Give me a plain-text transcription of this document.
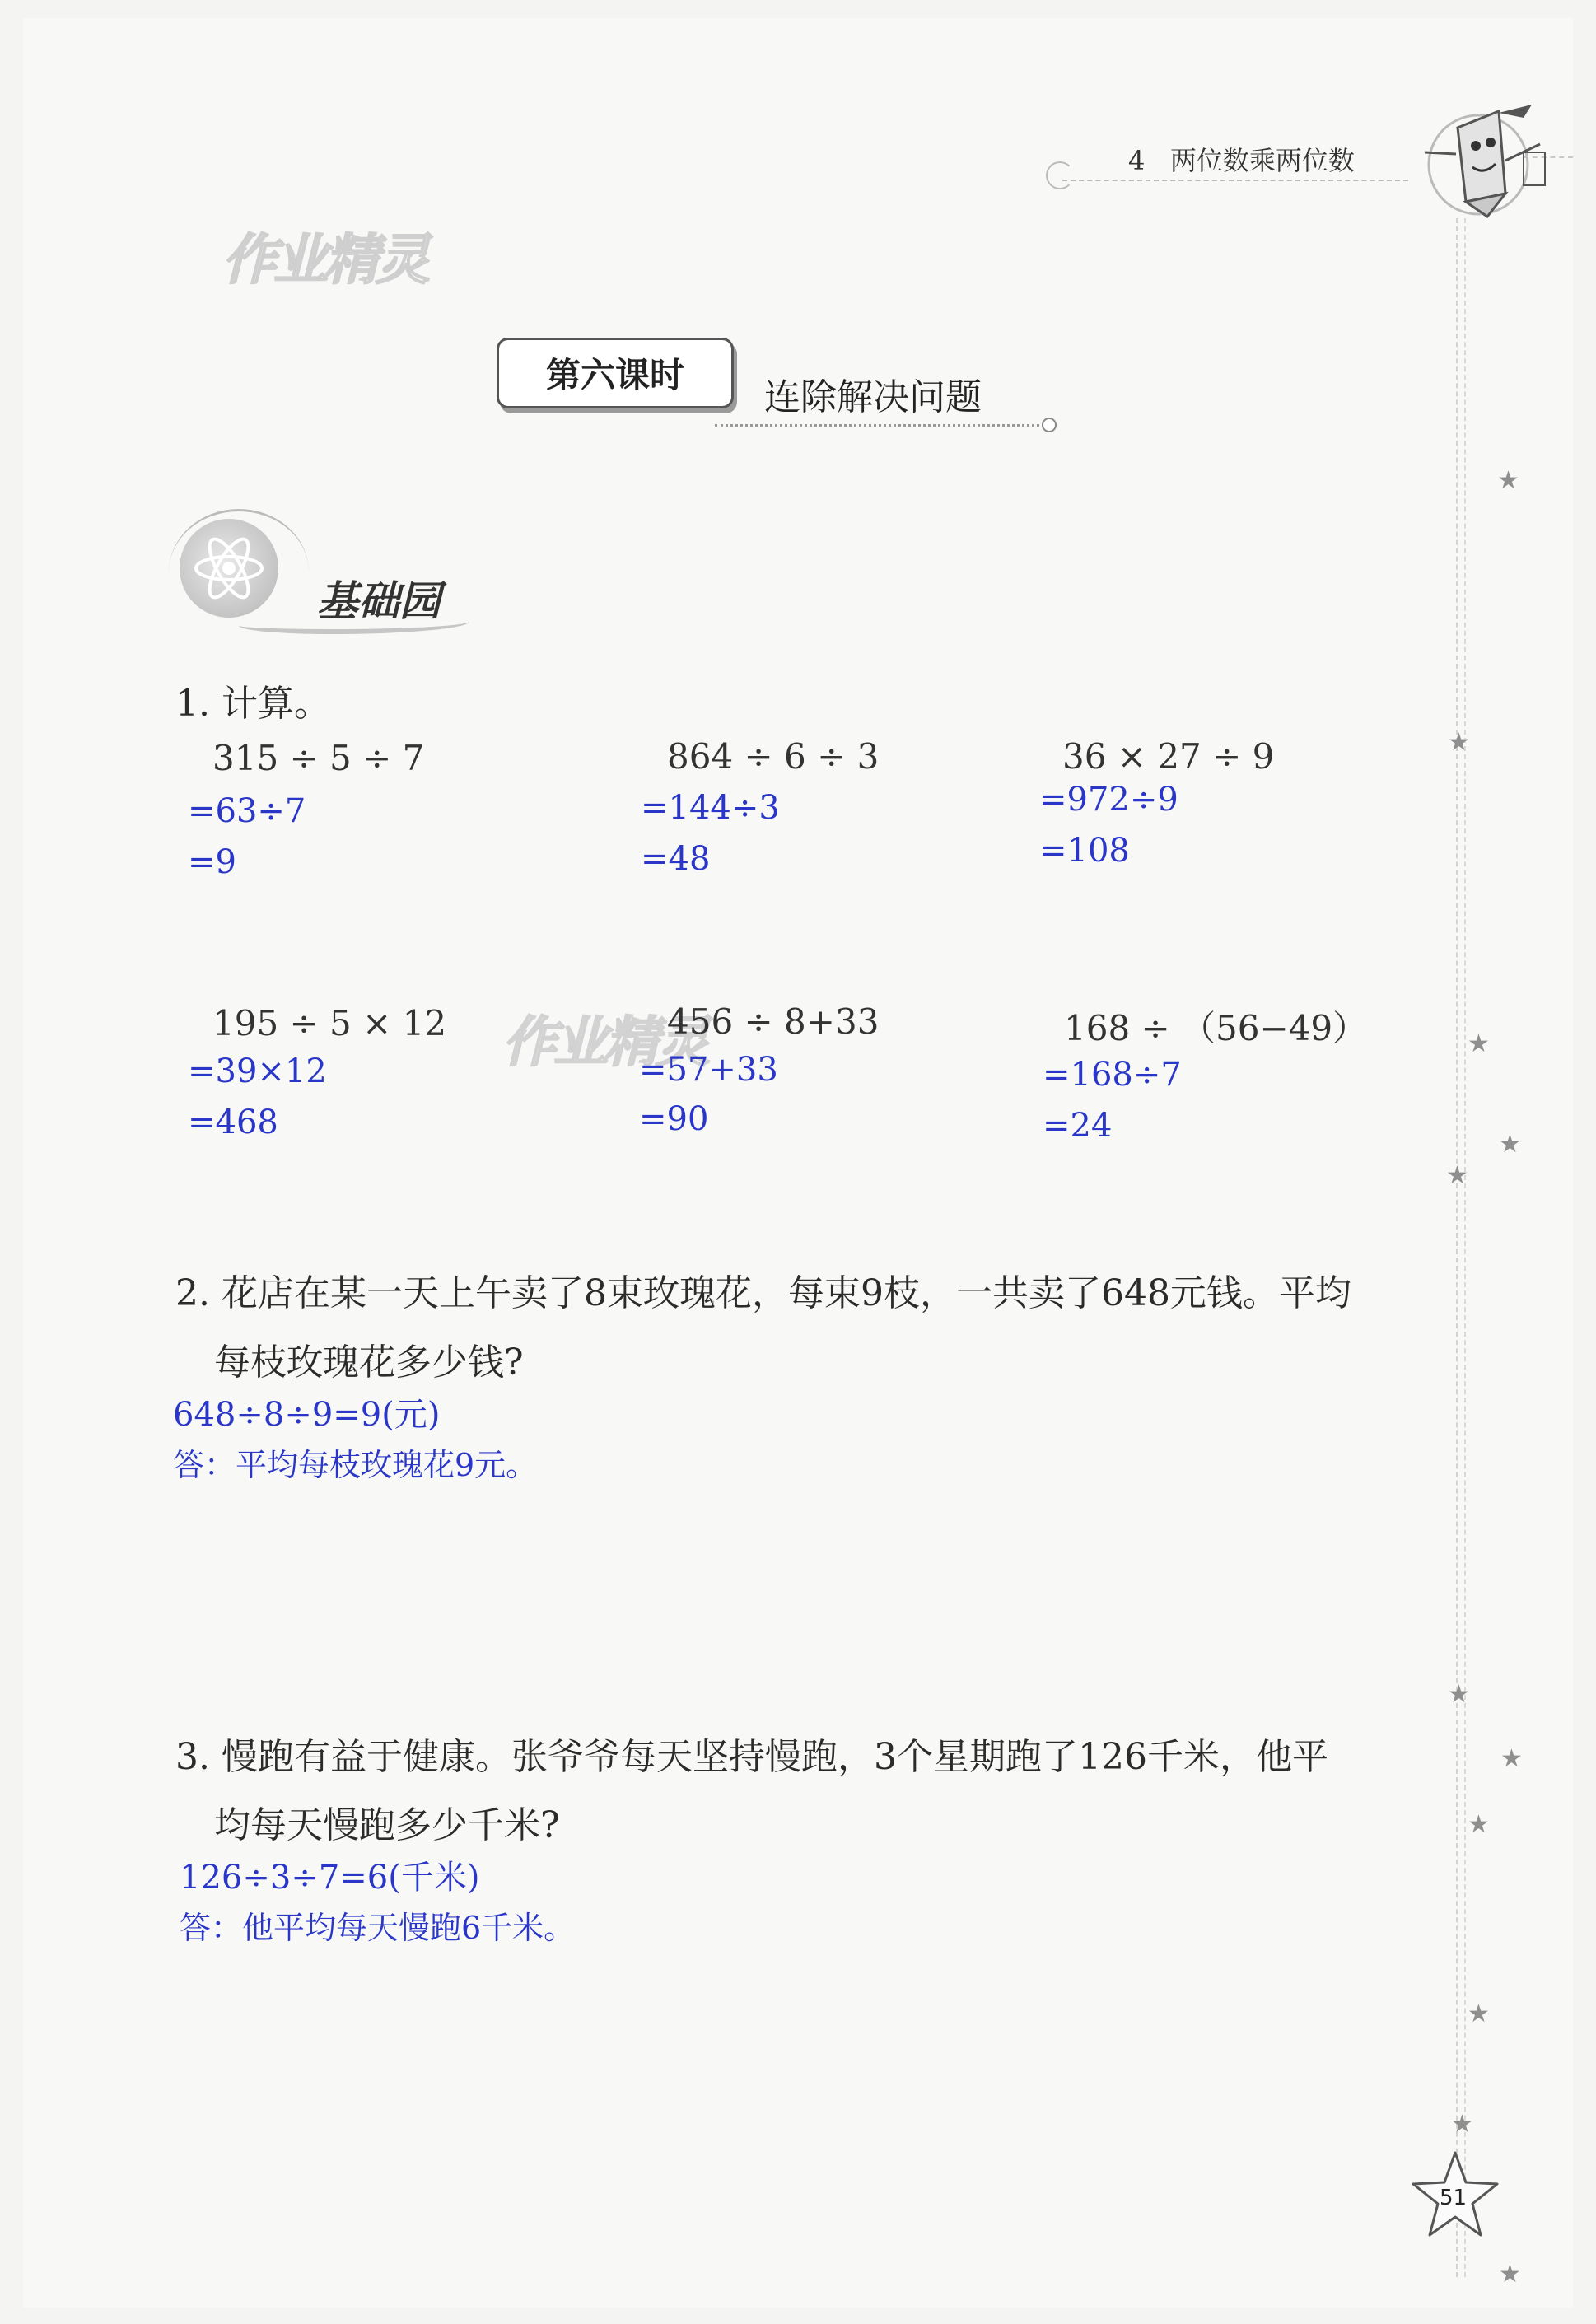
4 两位数乘两位数
作业精灵
第六课时
连除解决问题
基础园
1. 计算。
315 ÷ 5 ÷ 7
=63÷7
=9
864 ÷ 6 ÷ 3
=144÷3
=48
36 × 27 ÷ 9
=972÷9
=108
195 ÷ 5 × 12
=39×12
=468
作业精灵
456 ÷ 8+33
=57+33
=90
168 ÷ （56−49）
=168÷7
=24
2. 花店在某一天上午卖了8束玫瑰花，每束9枝，一共卖了648元钱。平均
每枝玫瑰花多少钱?
648÷8÷9=9(元)
答：平均每枝玫瑰花9元。
3. 慢跑有益于健康。张爷爷每天坚持慢跑，3个星期跑了126千米，他平
均每天慢跑多少千米?
126÷3÷7=6(千米)
答：他平均每天慢跑6千米。
★
★
★
★
★
★
★
★
★
★
★
51
